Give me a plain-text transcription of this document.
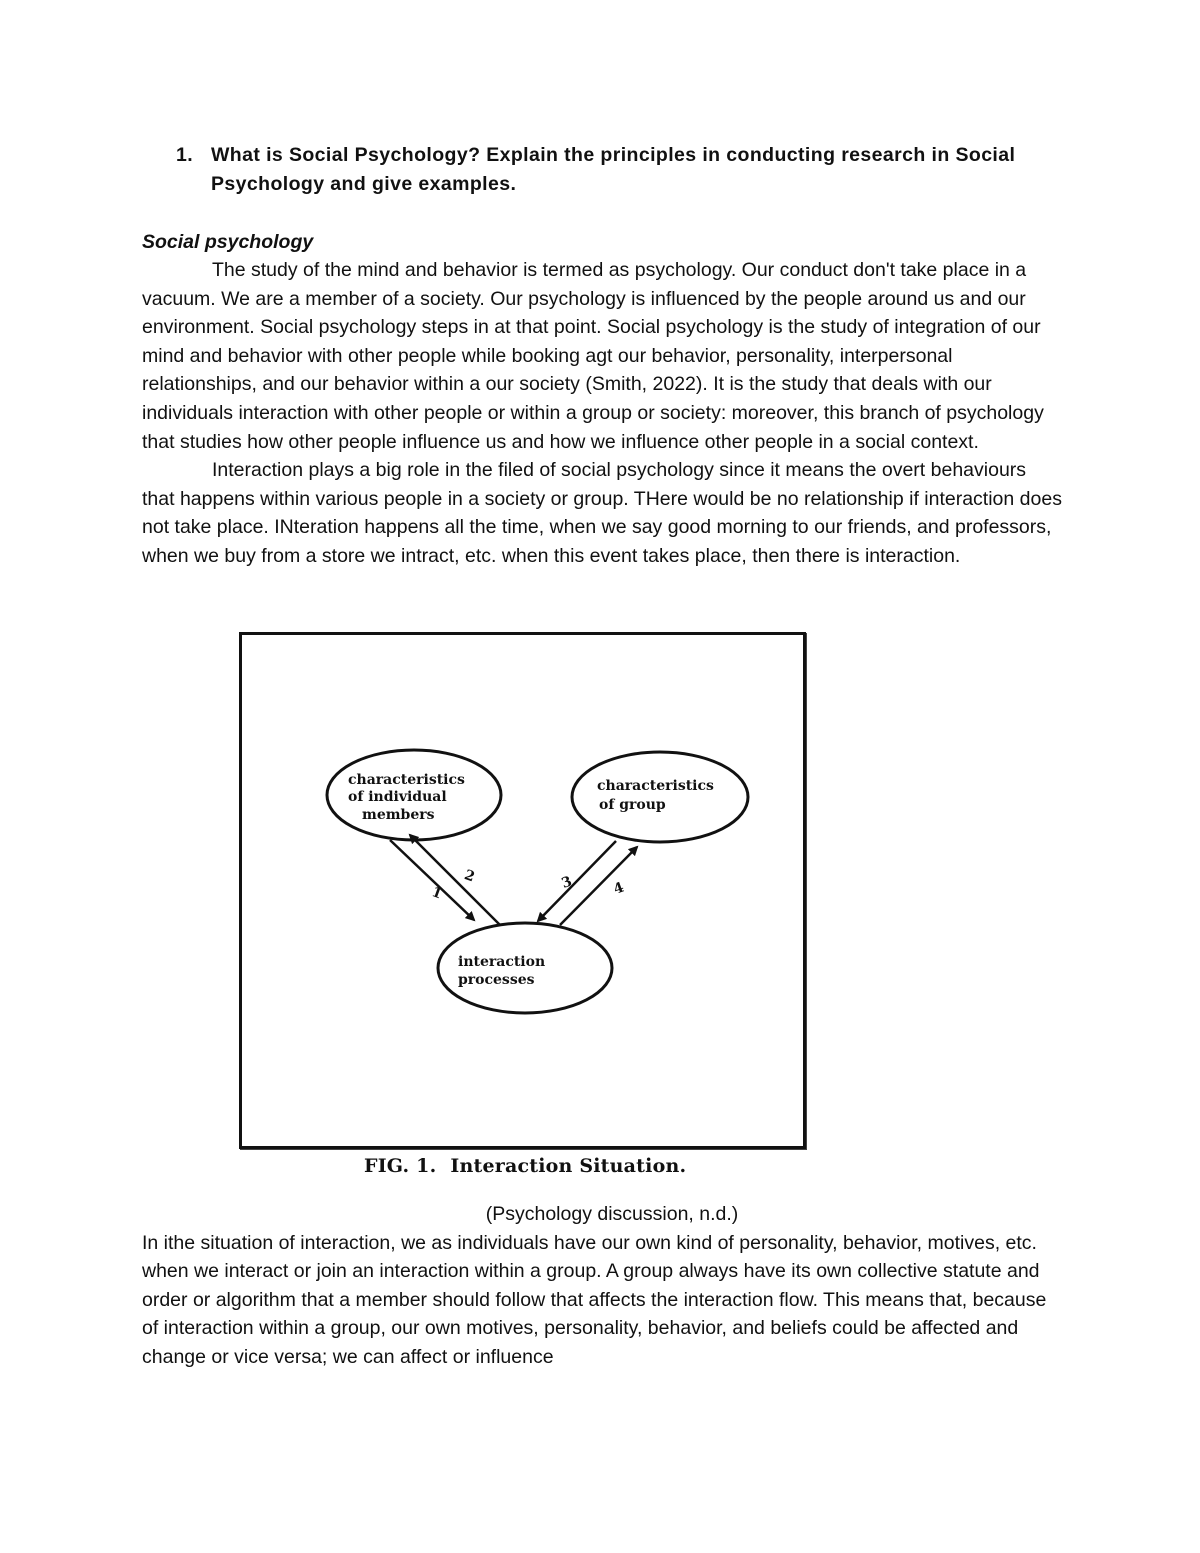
1. What is Social Psychology? Explain the principles in conducting research in Social Psychology and give examples.
Social psychology

The study of the mind and behavior is termed as psychology. Our conduct don't take place in a vacuum. We are a member of a society. Our psychology is influenced by the people around us and our environment. Social psychology steps in at that point. Social psychology is the study of integration of our mind and behavior with other people while booking agt our behavior, personality, interpersonal relationships, and our behavior within a our society (Smith, 2022). It is the study that deals with our individuals interaction with other people or within a group or society: moreover, this branch of psychology that studies how other people influence us and how we influence other people in a social context.

Interaction plays a big role in the filed of social psychology since it means the overt behaviours that happens within various people in a society or group. THere would be no relationship if interaction does not take place. INteration happens all the time, when we say good morning to our friends, and professors, when we buy from a store we intract, etc. when this event takes place, then there is interaction.

1
2	3	4
characteristics
of individual
members
characteristics
of group
interaction
processes
FIG. 1. Interaction Situation.

(Psychology discussion, n.d.)

In ithe situation of interaction, we as individuals have our own kind of personality, behavior, motives, etc. when we interact or join an interaction within a group. A group always have its own collective statute and order or algorithm that a member should follow that affects the interaction flow. This means that, because of interaction within a group, our own motives, personality, behavior, and beliefs could be affected and change or vice versa; we can affect or influence
